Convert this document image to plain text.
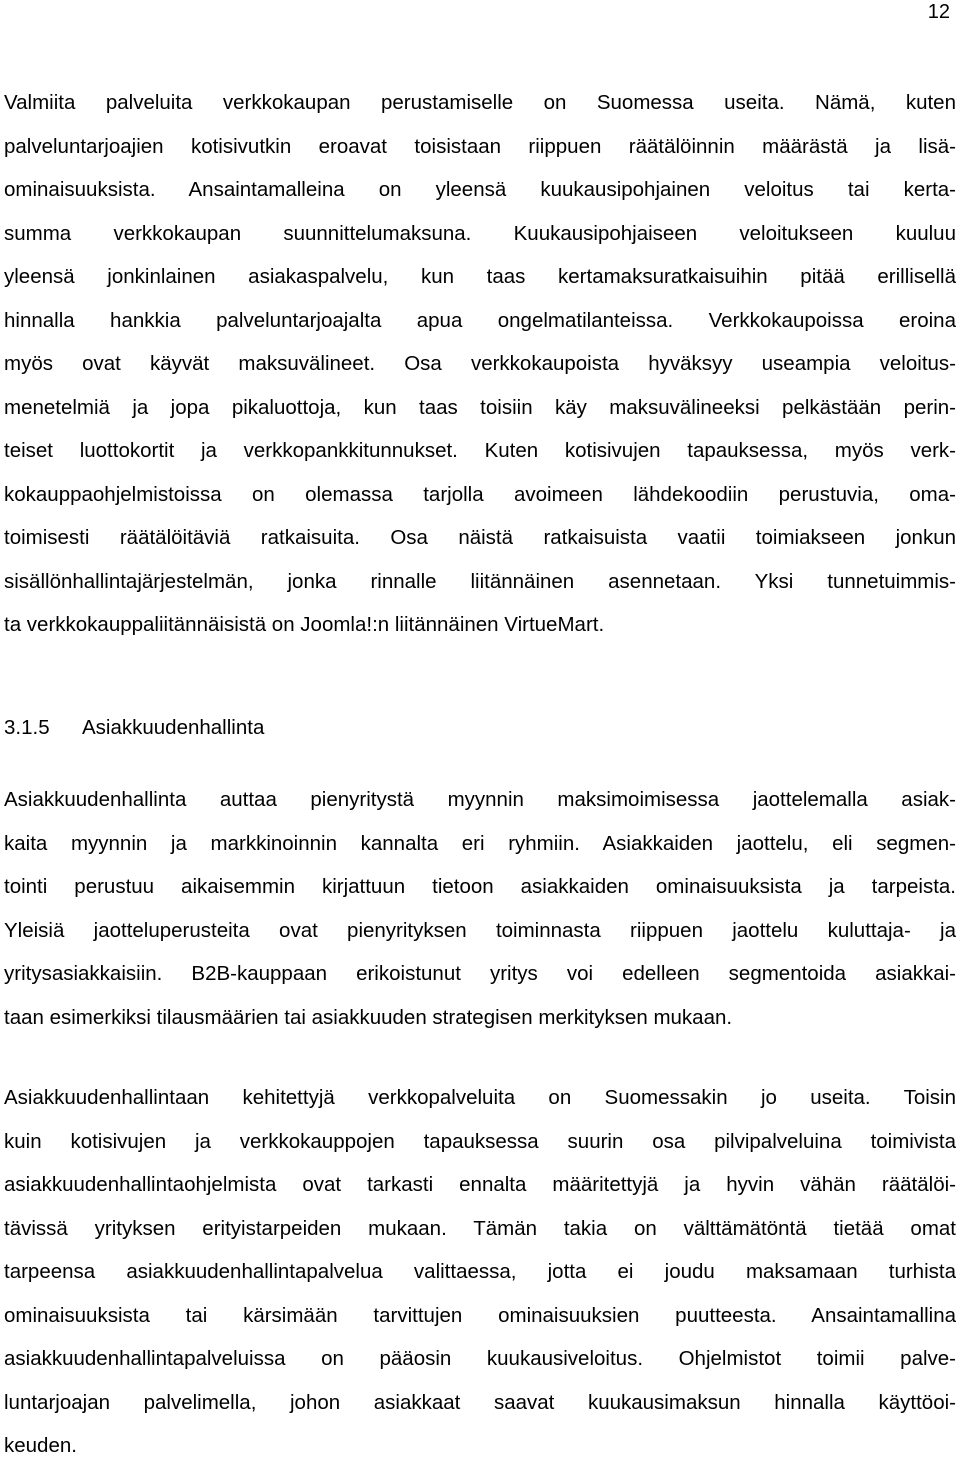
12
Valmiita palveluita verkkokaupan perustamiselle on Suomessa useita. Nämä, kuten
palveluntarjoajien kotisivutkin eroavat toisistaan riippuen räätälöinnin määrästä ja lisä-
ominaisuuksista. Ansaintamalleina on yleensä kuukausipohjainen veloitus tai kerta-
summa verkkokaupan suunnittelumaksuna. Kuukausipohjaiseen veloitukseen kuuluu
yleensä jonkinlainen asiakaspalvelu, kun taas kertamaksuratkaisuihin pitää erillisellä
hinnalla hankkia palveluntarjoajalta apua ongelmatilanteissa. Verkkokaupoissa eroina
myös ovat käyvät maksuvälineet. Osa verkkokaupoista hyväksyy useampia veloitus-
menetelmiä ja jopa pikaluottoja, kun taas toisiin käy maksuvälineeksi pelkästään perin-
teiset luottokortit ja verkkopankkitunnukset. Kuten kotisivujen tapauksessa, myös verk-
kokauppaohjelmistoissa on olemassa tarjolla avoimeen lähdekoodiin perustuvia, oma-
toimisesti räätälöitäviä ratkaisuita. Osa näistä ratkaisuista vaatii toimiakseen jonkun
sisällönhallintajärjestelmän, jonka rinnalle liitännäinen asennetaan. Yksi tunnetuimmis-
ta verkkokauppaliitännäisistä on Joomla!:n liitännäinen VirtueMart.
3.1.5 Asiakkuudenhallinta
Asiakkuudenhallinta auttaa pienyritystä myynnin maksimoimisessa jaottelemalla asiak-
kaita myynnin ja markkinoinnin kannalta eri ryhmiin. Asiakkaiden jaottelu, eli segmen-
tointi perustuu aikaisemmin kirjattuun tietoon asiakkaiden ominaisuuksista ja tarpeista.
Yleisiä jaotteluperusteita ovat pienyrityksen toiminnasta riippuen jaottelu kuluttaja- ja
yritysasiakkaisiin. B2B-kauppaan erikoistunut yritys voi edelleen segmentoida asiakkai-
taan esimerkiksi tilausmäärien tai asiakkuuden strategisen merkityksen mukaan.
Asiakkuudenhallintaan kehitettyjä verkkopalveluita on Suomessakin jo useita. Toisin
kuin kotisivujen ja verkkokauppojen tapauksessa suurin osa pilvipalveluina toimivista
asiakkuudenhallintaohjelmista ovat tarkasti ennalta määritettyjä ja hyvin vähän räätälöi-
tävissä yrityksen erityistarpeiden mukaan. Tämän takia on välttämätöntä tietää omat
tarpeensa asiakkuudenhallintapalvelua valittaessa, jotta ei joudu maksamaan turhista
ominaisuuksista tai kärsimään tarvittujen ominaisuuksien puutteesta. Ansaintamallina
asiakkuudenhallintapalveluissa on pääosin kuukausiveloitus. Ohjelmistot toimii palve-
luntarjoajan palvelimella, johon asiakkaat saavat kuukausimaksun hinnalla käyttöoi-
keuden.
